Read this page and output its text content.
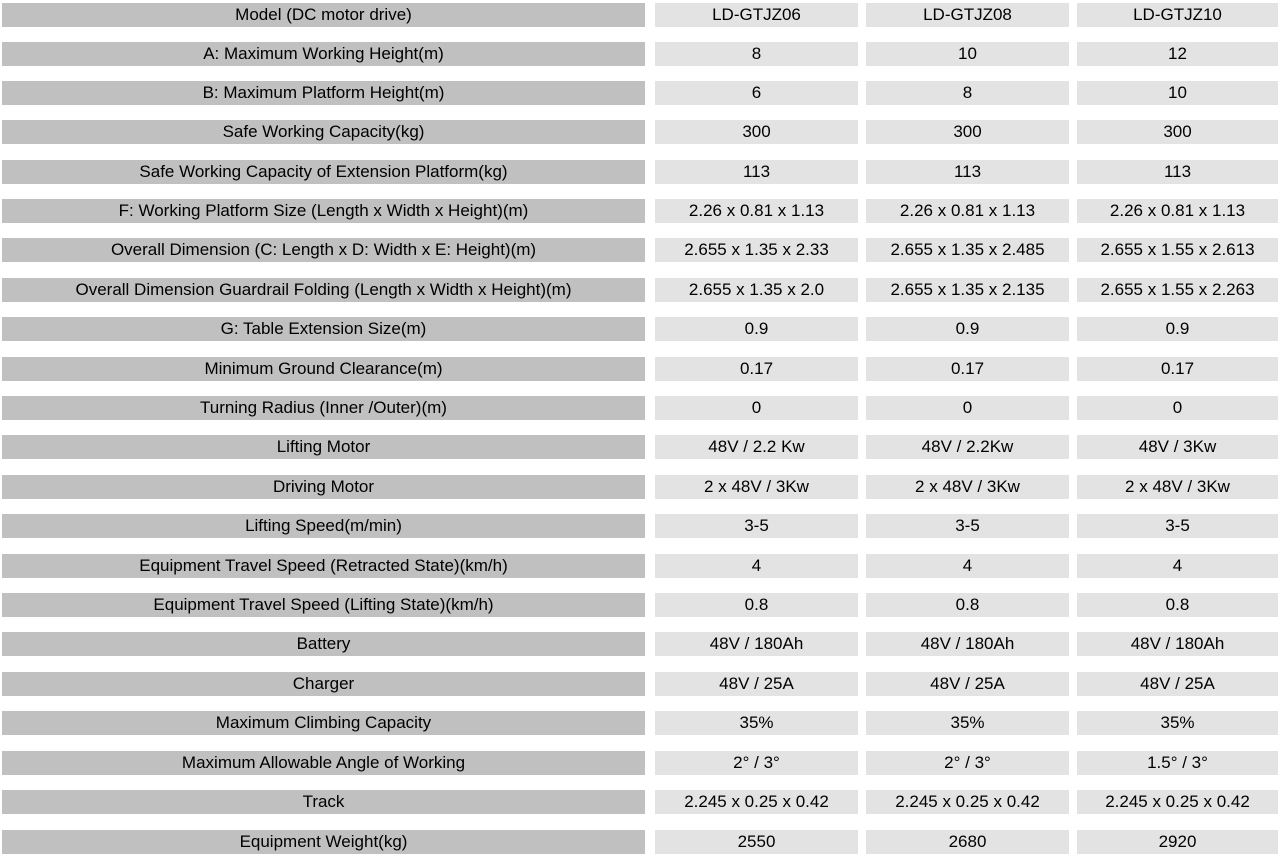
Model (DC motor drive)	LD-GTJZ06	LD-GTJZ08	LD-GTJZ10
A: Maximum Working Height(m)	8	10	12
B: Maximum Platform Height(m)	6	8	10
Safe Working Capacity(kg)	300	300	300
Safe Working Capacity of Extension Platform(kg)	113	113	113
F: Working Platform Size (Length x Width x Height)(m)	2.26 x 0.81 x 1.13	2.26 x 0.81 x 1.13	2.26 x 0.81 x 1.13
Overall Dimension (C: Length x D: Width x E: Height)(m)	2.655 x 1.35 x 2.33	2.655 x 1.35 x 2.485	2.655 x 1.55 x 2.613
Overall Dimension Guardrail Folding (Length x Width x Height)(m)	2.655 x 1.35 x 2.0	2.655 x 1.35 x 2.135	2.655 x 1.55 x 2.263
G: Table Extension Size(m)	0.9	0.9	0.9
Minimum Ground Clearance(m)	0.17	0.17	0.17
Turning Radius (Inner /Outer)(m)	0	0	0
Lifting Motor	48V / 2.2 Kw	48V / 2.2Kw	48V / 3Kw
Driving Motor	2 x 48V / 3Kw	2 x 48V / 3Kw	2 x 48V / 3Kw
Lifting Speed(m/min)	3-5	3-5	3-5
Equipment Travel Speed (Retracted State)(km/h)	4	4	4
Equipment Travel Speed (Lifting State)(km/h)	0.8	0.8	0.8
Battery	48V / 180Ah	48V / 180Ah	48V / 180Ah
Charger	48V / 25A	48V / 25A	48V / 25A
Maximum Climbing Capacity	35%	35%	35%
Maximum Allowable Angle of Working	2° / 3°	2° / 3°	1.5° / 3°
Track	2.245 x 0.25 x 0.42	2.245 x 0.25 x 0.42	2.245 x 0.25 x 0.42
Equipment Weight(kg)	2550	2680	2920
